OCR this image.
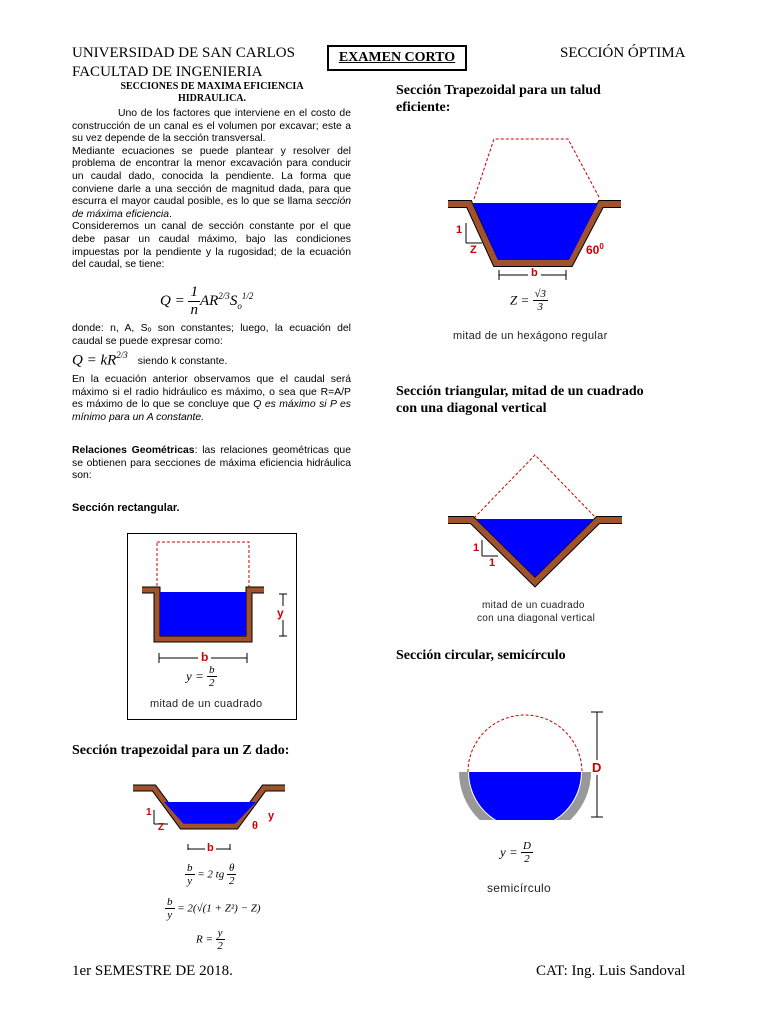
UNIVERSIDAD DE SAN CARLOS
FACULTAD DE INGENIERIA
EXAMEN CORTO	SECCIÓN ÓPTIMA
SECCIONES DE MAXIMA EFICIENCIA
HIDRAULICA.

Uno de los factores que interviene en el costo de construcción de un canal es el volumen por excavar; este a su vez depende de la sección transversal.

Mediante ecuaciones se puede plantear y resolver del problema de encontrar la menor excavación para conducir un caudal dado, conocida la pendiente. La forma que conviene darle a una sección de magnitud dada, para que escurra el mayor caudal posible, es lo que se llama sección de máxima eficiencia.

Consideremos un canal de sección constante por el que debe pasar un caudal máximo, bajo las condiciones impuestas por la pendiente y la rugosidad; de la ecuación del caudal, se tiene:

$Q = \frac{1}{n} AR^{2/3}S_o^{1/2}$
donde: n, A, Sₒ son constantes; luego, la ecuación del caudal se puede expresar como:
$Q = kR^{2/3}$ siendo k constante.
En la ecuación anterior observamos que el caudal será máximo si el radio hidráulico es máximo, o sea que R=A/P es máximo de lo que se concluye que Q es máximo si P es mínimo para un A constante.
Relaciones Geométricas: las relaciones geométricas que se obtienen para secciones de máxima eficiencia hidráulica son:
Sección rectangular.
y
b
$y = \frac{b}{2}$
mitad de un cuadrado
Sección trapezoidal para un Z dado:
1
Z	θ
y
b
$\frac{b}{y} = 2$ tg $\frac{\theta}{2}$
$\frac{b}{y} = 2(√(1 + Z^2) - Z)$
$R = \frac{y}{2}$
Sección Trapezoidal para un talud
eficiente:
1
Z	$60^0$
b
$Z = \frac{√3}{3}$
mitad de un hexágono regular
Sección triangular, mitad de un cuadrado
con una diagonal vertical
1
1
mitad de un cuadrado
con una diagonal vertical
Sección circular, semicírculo
D
$y = \frac{D}{2}$
semicírculo
1er SEMESTRE DE 2018.	CAT: Ing. Luis Sandoval
